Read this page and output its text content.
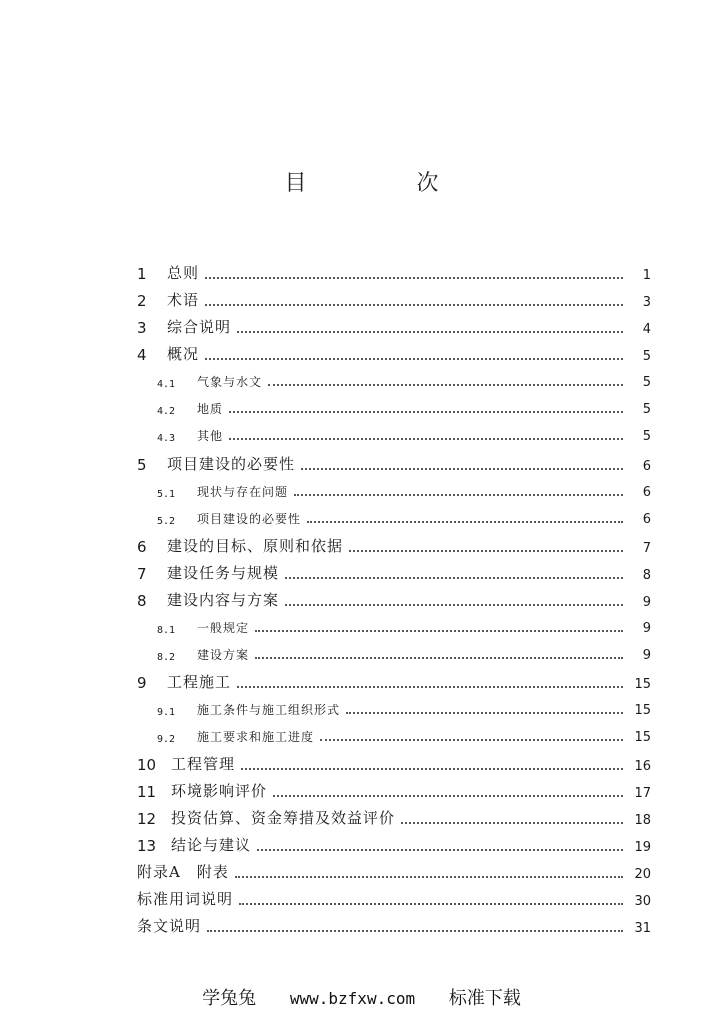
目　次
1	总则	1
2	术语	3
3	综合说明	4
4	概况	5
4.1	气象与水文	5
4.2	地质	5
4.3	其他	5
5	项目建设的必要性	6
5.1	现状与存在问题	6
5.2	项目建设的必要性	6
6	建设的目标、原则和依据	7
7	建设任务与规模	8
8	建设内容与方案	9
8.1	一般规定	9
8.2	建设方案	9
9	工程施工	15
9.1	施工条件与施工组织形式	15
9.2	施工要求和施工进度	15
10 工程管理	16
11 环境影响评价	17
12 投资估算、资金筹措及效益评价	18
13 结论与建议	19
附录A　附表	20
标准用词说明	30
条文说明	31
学兔兔 www.bzfxw.com 标准下载
